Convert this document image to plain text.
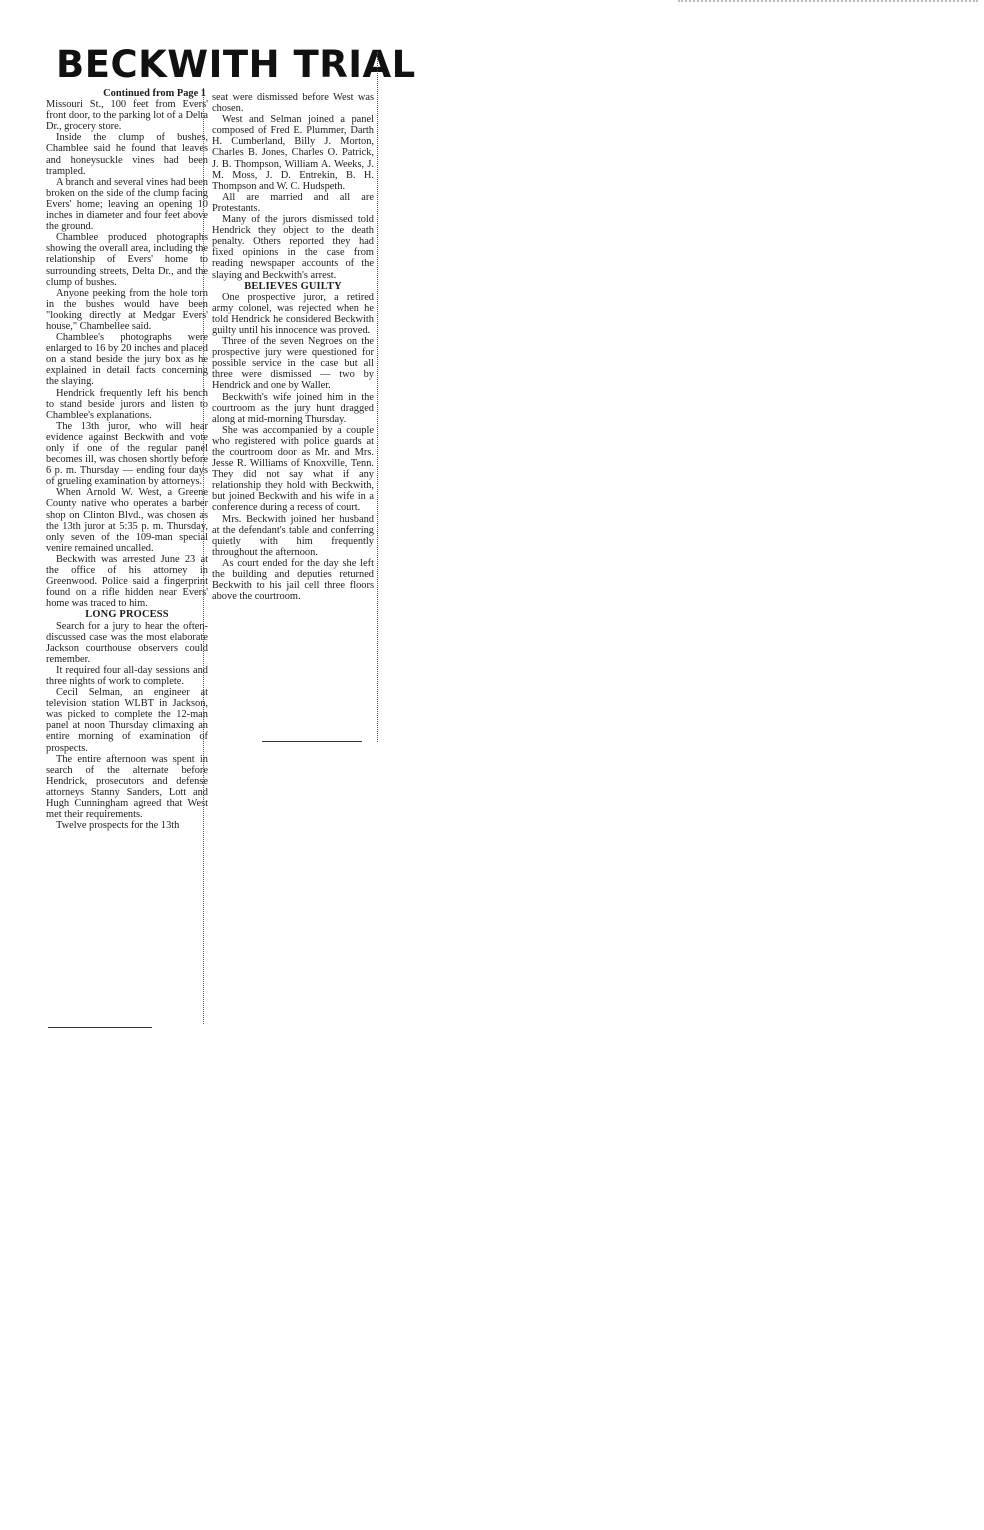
BECKWITH TRIAL

Continued from Page 1

Missouri St., 100 feet from Evers' front door, to the parking lot of a Delta Dr., grocery store.

Inside the clump of bushes, Chamblee said he found that leaves and honeysuckle vines had been trampled.

A branch and several vines had been broken on the side of the clump facing Evers' home; leaving an opening 10 inches in diameter and four feet above the ground.

Chamblee produced photographs showing the overall area, including the relationship of Evers' home to surrounding streets, Delta Dr., and the clump of bushes.

Anyone peeking from the hole torn in the bushes would have been "looking directly at Medgar Evers' house," Chambellee said.

Chamblee's photographs were enlarged to 16 by 20 inches and placed on a stand beside the jury box as he explained in detail facts concerning the slaying.

Hendrick frequently left his bench to stand beside jurors and listen to Chamblee's explanations.

The 13th juror, who will hear evidence against Beckwith and vote only if one of the regular panel becomes ill, was chosen shortly before 6 p. m. Thursday — ending four days of grueling examination by attorneys.

When Arnold W. West, a Greene County native who operates a barber shop on Clinton Blvd., was chosen as the 13th juror at 5:35 p. m. Thursday, only seven of the 109-man special venire remained uncalled.

Beckwith was arrested June 23 at the office of his attorney in Greenwood. Police said a fingerprint found on a rifle hidden near Evers' home was traced to him.

LONG PROCESS

Search for a jury to hear the often-discussed case was the most elaborate Jackson courthouse observers could remember.

It required four all-day sessions and three nights of work to complete.

Cecil Selman, an engineer at television station WLBT in Jackson, was picked to complete the 12-man panel at noon Thursday climaxing an entire morning of examination of prospects.

The entire afternoon was spent in search of the alternate before Hendrick, prosecutors and defense attorneys Stanny Sanders, Lott and Hugh Cunningham agreed that West met their requirements.

Twelve prospects for the 13th

seat were dismissed before West was chosen.

West and Selman joined a panel composed of Fred E. Plummer, Darth H. Cumberland, Billy J. Morton, Charles B. Jones, Charles O. Patrick, J. B. Thompson, William A. Weeks, J. M. Moss, J. D. Entrekin, B. H. Thompson and W. C. Hudspeth.

All are married and all are Protestants.

Many of the jurors dismissed told Hendrick they object to the death penalty. Others reported they had fixed opinions in the case from reading newspaper accounts of the slaying and Beckwith's arrest.

BELIEVES GUILTY

One prospective juror, a retired army colonel, was rejected when he told Hendrick he considered Beckwith guilty until his innocence was proved.

Three of the seven Negroes on the prospective jury were questioned for possible service in the case but all three were dismissed — two by Hendrick and one by Waller.

Beckwith's wife joined him in the courtroom as the jury hunt dragged along at mid-morning Thursday.

She was accompanied by a couple who registered with police guards at the courtroom door as Mr. and Mrs. Jesse R. Williams of Knoxville, Tenn. They did not say what if any relationship they hold with Beckwith, but joined Beckwith and his wife in a conference during a recess of court.

Mrs. Beckwith joined her husband at the defendant's table and conferring quietly with him frequently throughout the afternoon.

As court ended for the day she left the building and deputies returned Beckwith to his jail cell three floors above the courtroom.
